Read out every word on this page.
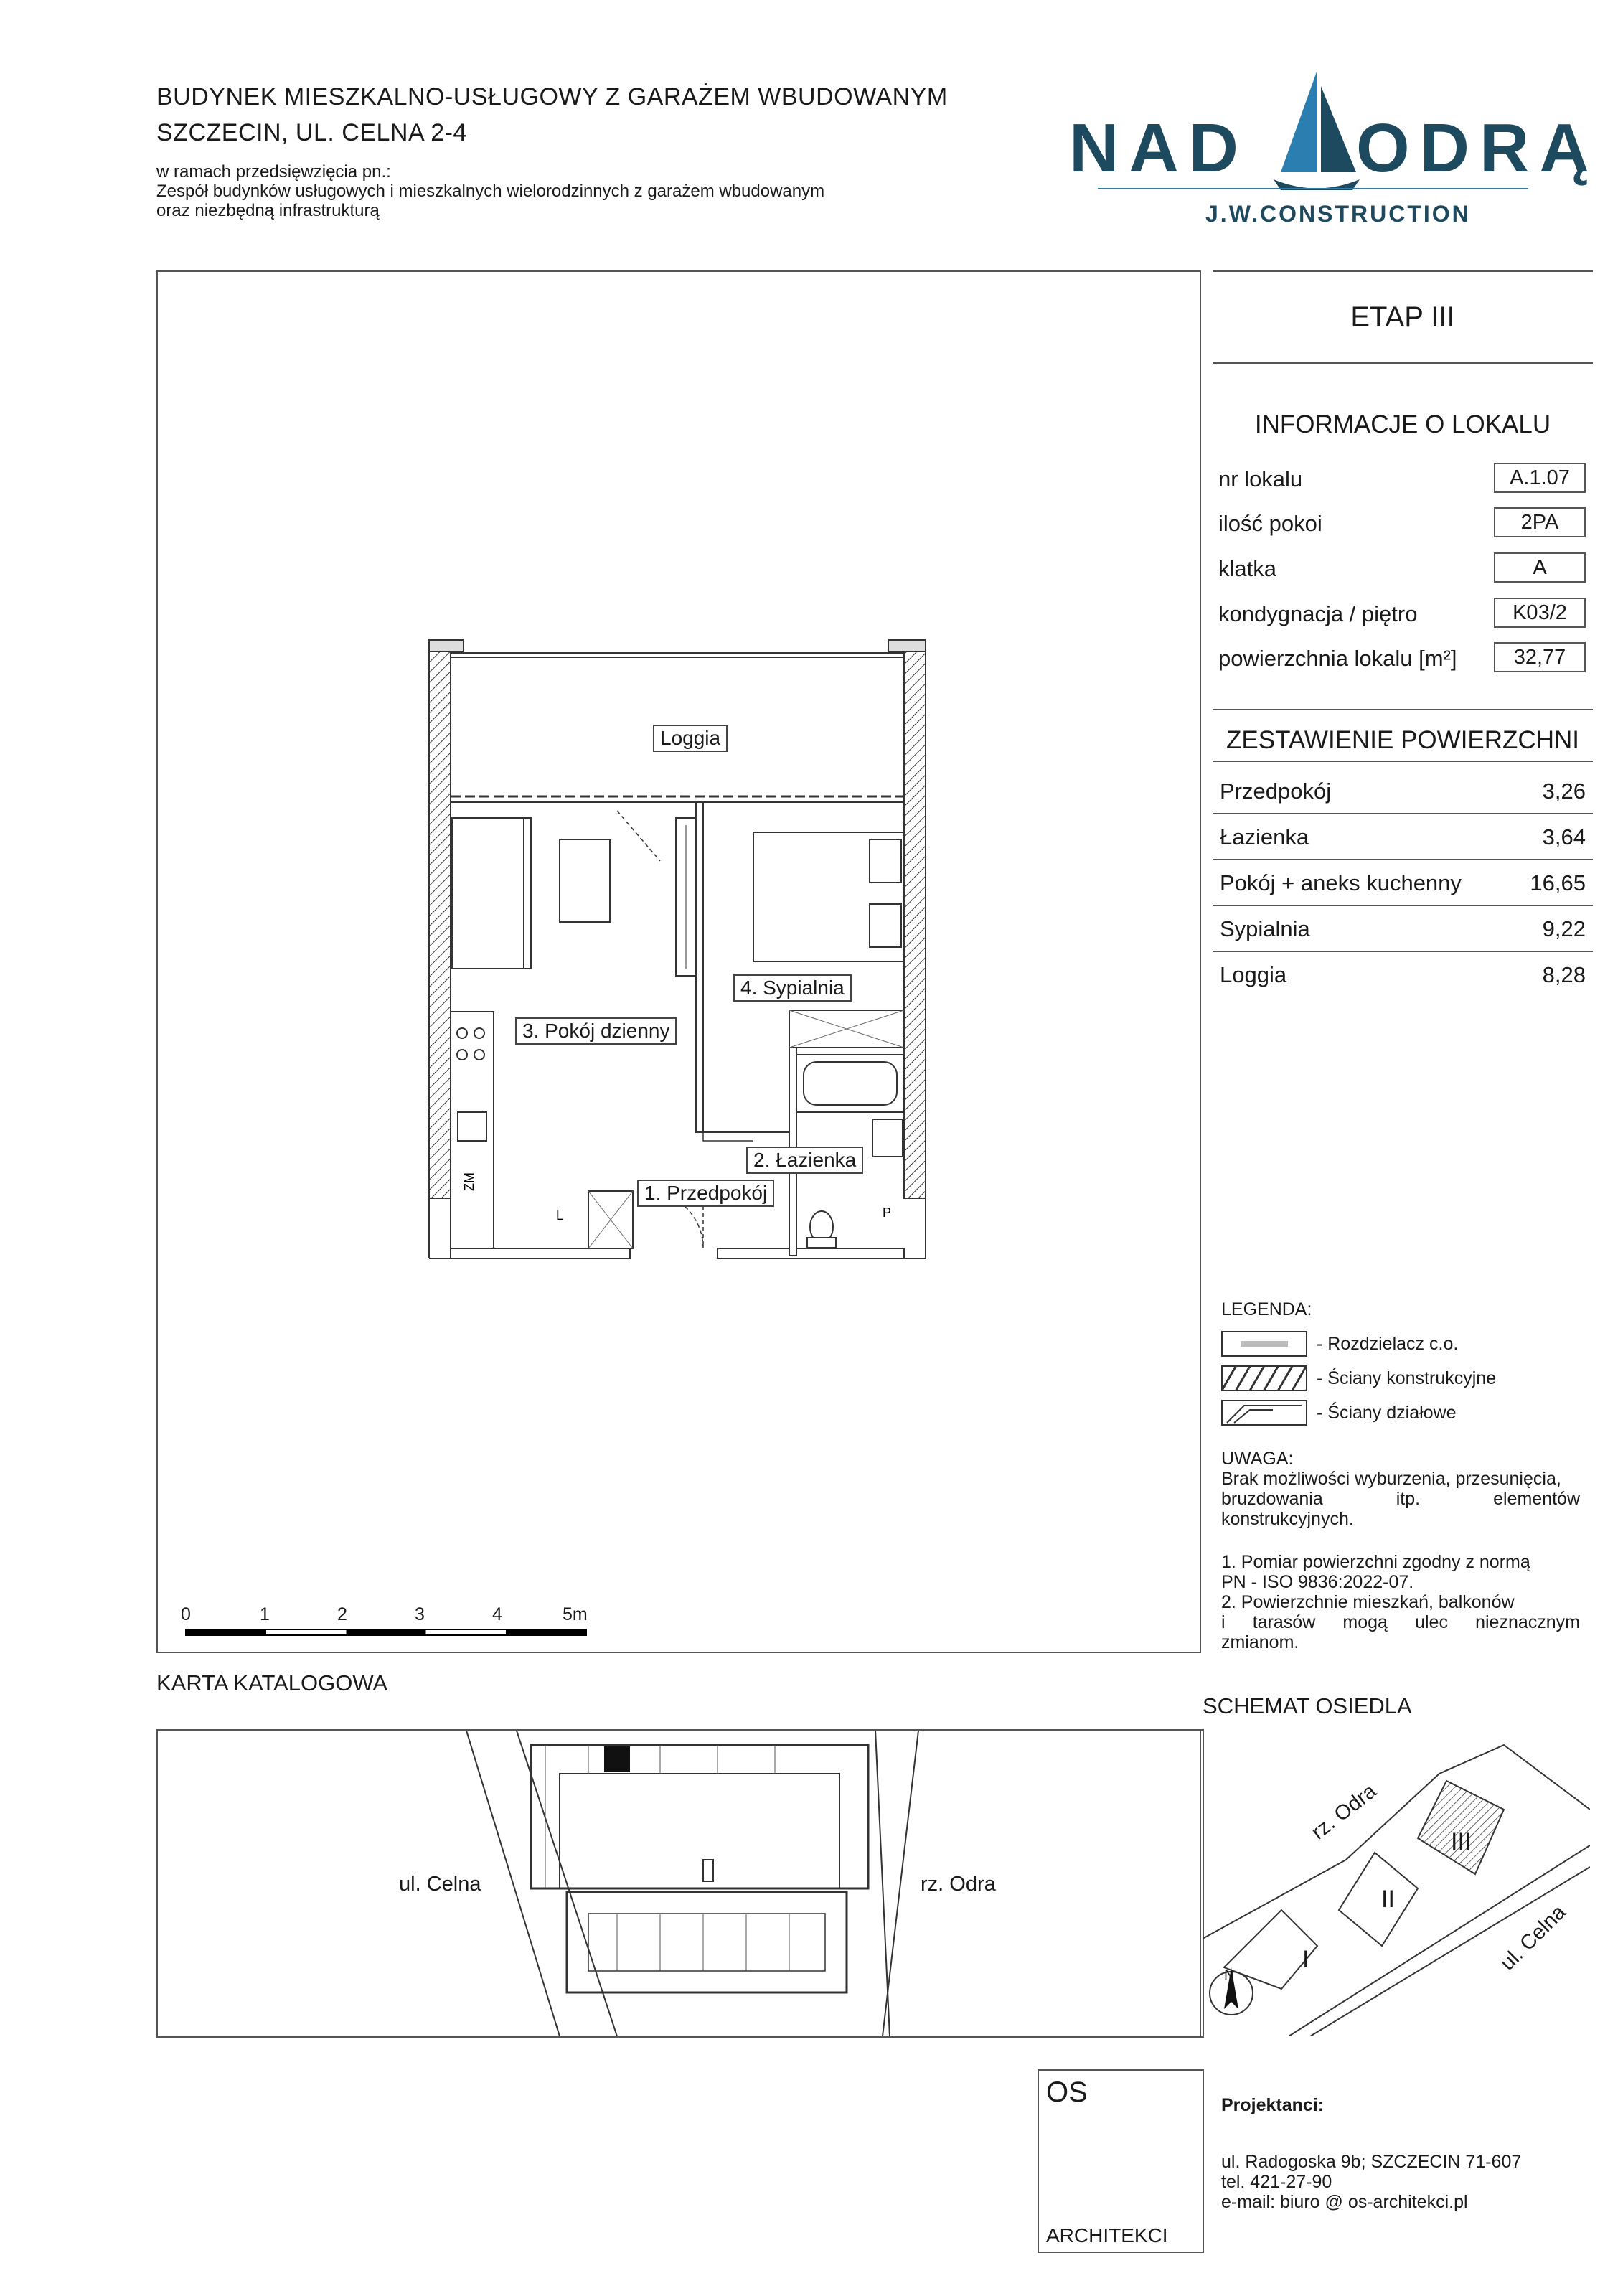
BUDYNEK MIESZKALNO-USŁUGOWY Z GARAŻEM WBUDOWANYM
SZCZECIN, UL. CELNA 2-4
w ramach przedsięwzięcia pn.:
Zespół budynków usługowych i mieszkalnych wielorodzinnych z garażem wbudowanym
oraz niezbędną infrastrukturą
NAD ODRĄ
J.W.CONSTRUCTION
ZM
L	P
Loggia
3. Pokój dzienny
4. Sypialnia
2. Łazienka
1. Przedpokój
0	1	2	3	4	5m
ETAP III
INFORMACJE O LOKALU
nr lokalu	A.1.07
ilość pokoi	2PA
klatka	A
kondygnacja / piętro	K03/2
powierzchnia lokalu [m²]	32,77
ZESTAWIENIE POWIERZCHNI
Przedpokój	3,26
Łazienka	3,64
Pokój + aneks kuchenny	16,65
Sypialnia	9,22
Loggia	8,28
LEGENDA:
- Rozdzielacz c.o.
- Ściany konstrukcyjne
- Ściany działowe
UWAGA:
Brak możliwości wyburzenia, przesunięcia,
bruzdowania itp. elementów
konstrukcyjnych.
1. Pomiar powierzchni zgodny z normą
PN - ISO 9836:2022-07.
2. Powierzchnie mieszkań, balkonów
i tarasów mogą ulec nieznacznym
zmianom.
KARTA KATALOGOWA
SCHEMAT OSIEDLA
ul. Celna	rz. Odra
rz. Odra
ul. Celna
I
II
III
N
OS
ARCHITEKCI
Projektanci:
ul. Radogoska 9b; SZCZECIN 71-607
tel. 421-27-90
e-mail: biuro @ os-architekci.pl
